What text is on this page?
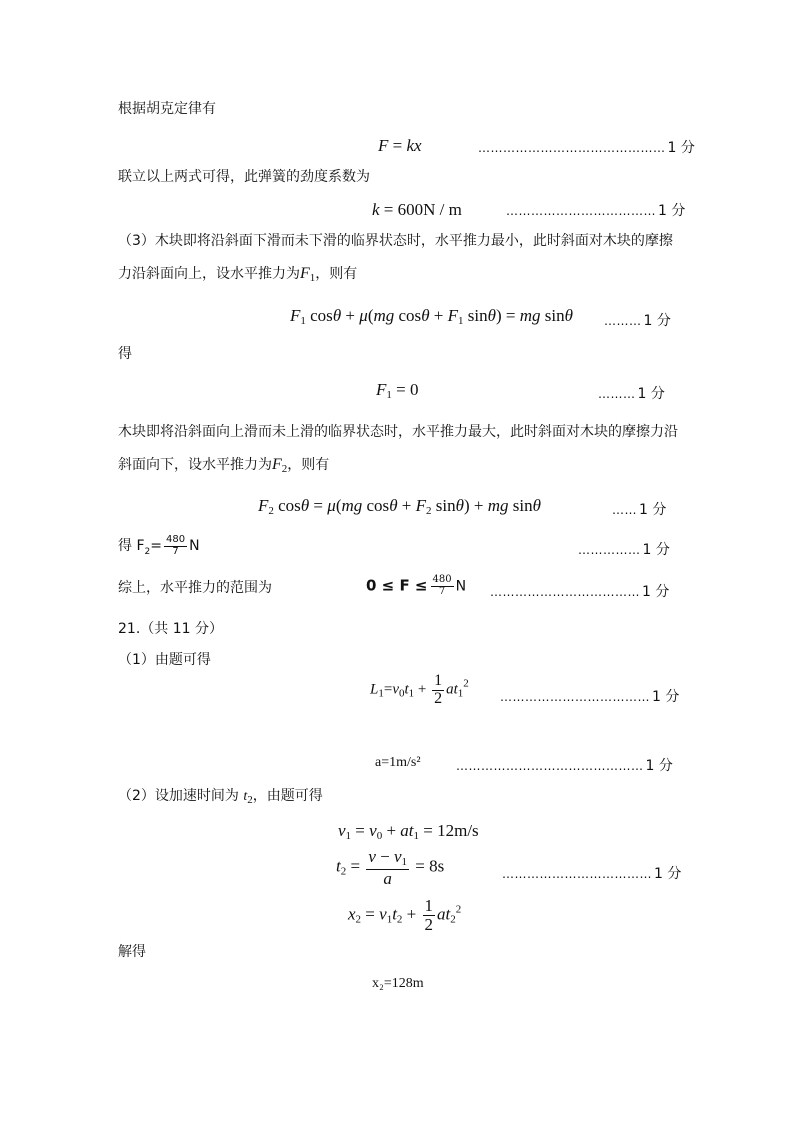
根据胡克定律有
F = kx	……………………………………… 1 分
联立以上两式可得，此弹簧的劲度系数为
k = 600N / m	……………………………… 1 分
（3）木块即将沿斜面下滑而未下滑的临界状态时，水平推力最小，此时斜面对木块的摩擦
力沿斜面向上，设水平推力为$F_1$，则有
$F_1$ cosθ + μ(mg $\cos\theta + F_1$ sinθ) = mg sinθ	……… 1 分
得
$F_1 = 0$	……… 1 分
木块即将沿斜面向上滑而未上滑的临界状态时，水平推力最大，此时斜面对木块的摩擦力沿
斜面向下，设水平推力为$F_2$，则有
$F_2$ cosθ = μ(mg $\cos\theta + F_2$ sinθ) + mg sinθ	…… 1 分
得 $F_2= \frac{480}{7}$ N	…………… 1 分
综上，水平推力的范围为	$0 \le F \le \frac{480}{7}$ N ……………………………… 1 分
21.（共 11 分）
（1）由题可得
$L_1=v_0t_1 + \frac{1}{2} at_1^2$
……………………………… 1 分
a=1m/s²	……………………………………… 1 分
（2）设加速时间为 $t_2$，由题可得
$v_1 = v_0 + at_1 = 12m/s$
$t_2 = \frac{v - v_1}{a} = 8s$	……………………………… 1 分
$x_2 = v_1t_2 + \frac{1}{2} at_2^2$
解得
x₂=128m
